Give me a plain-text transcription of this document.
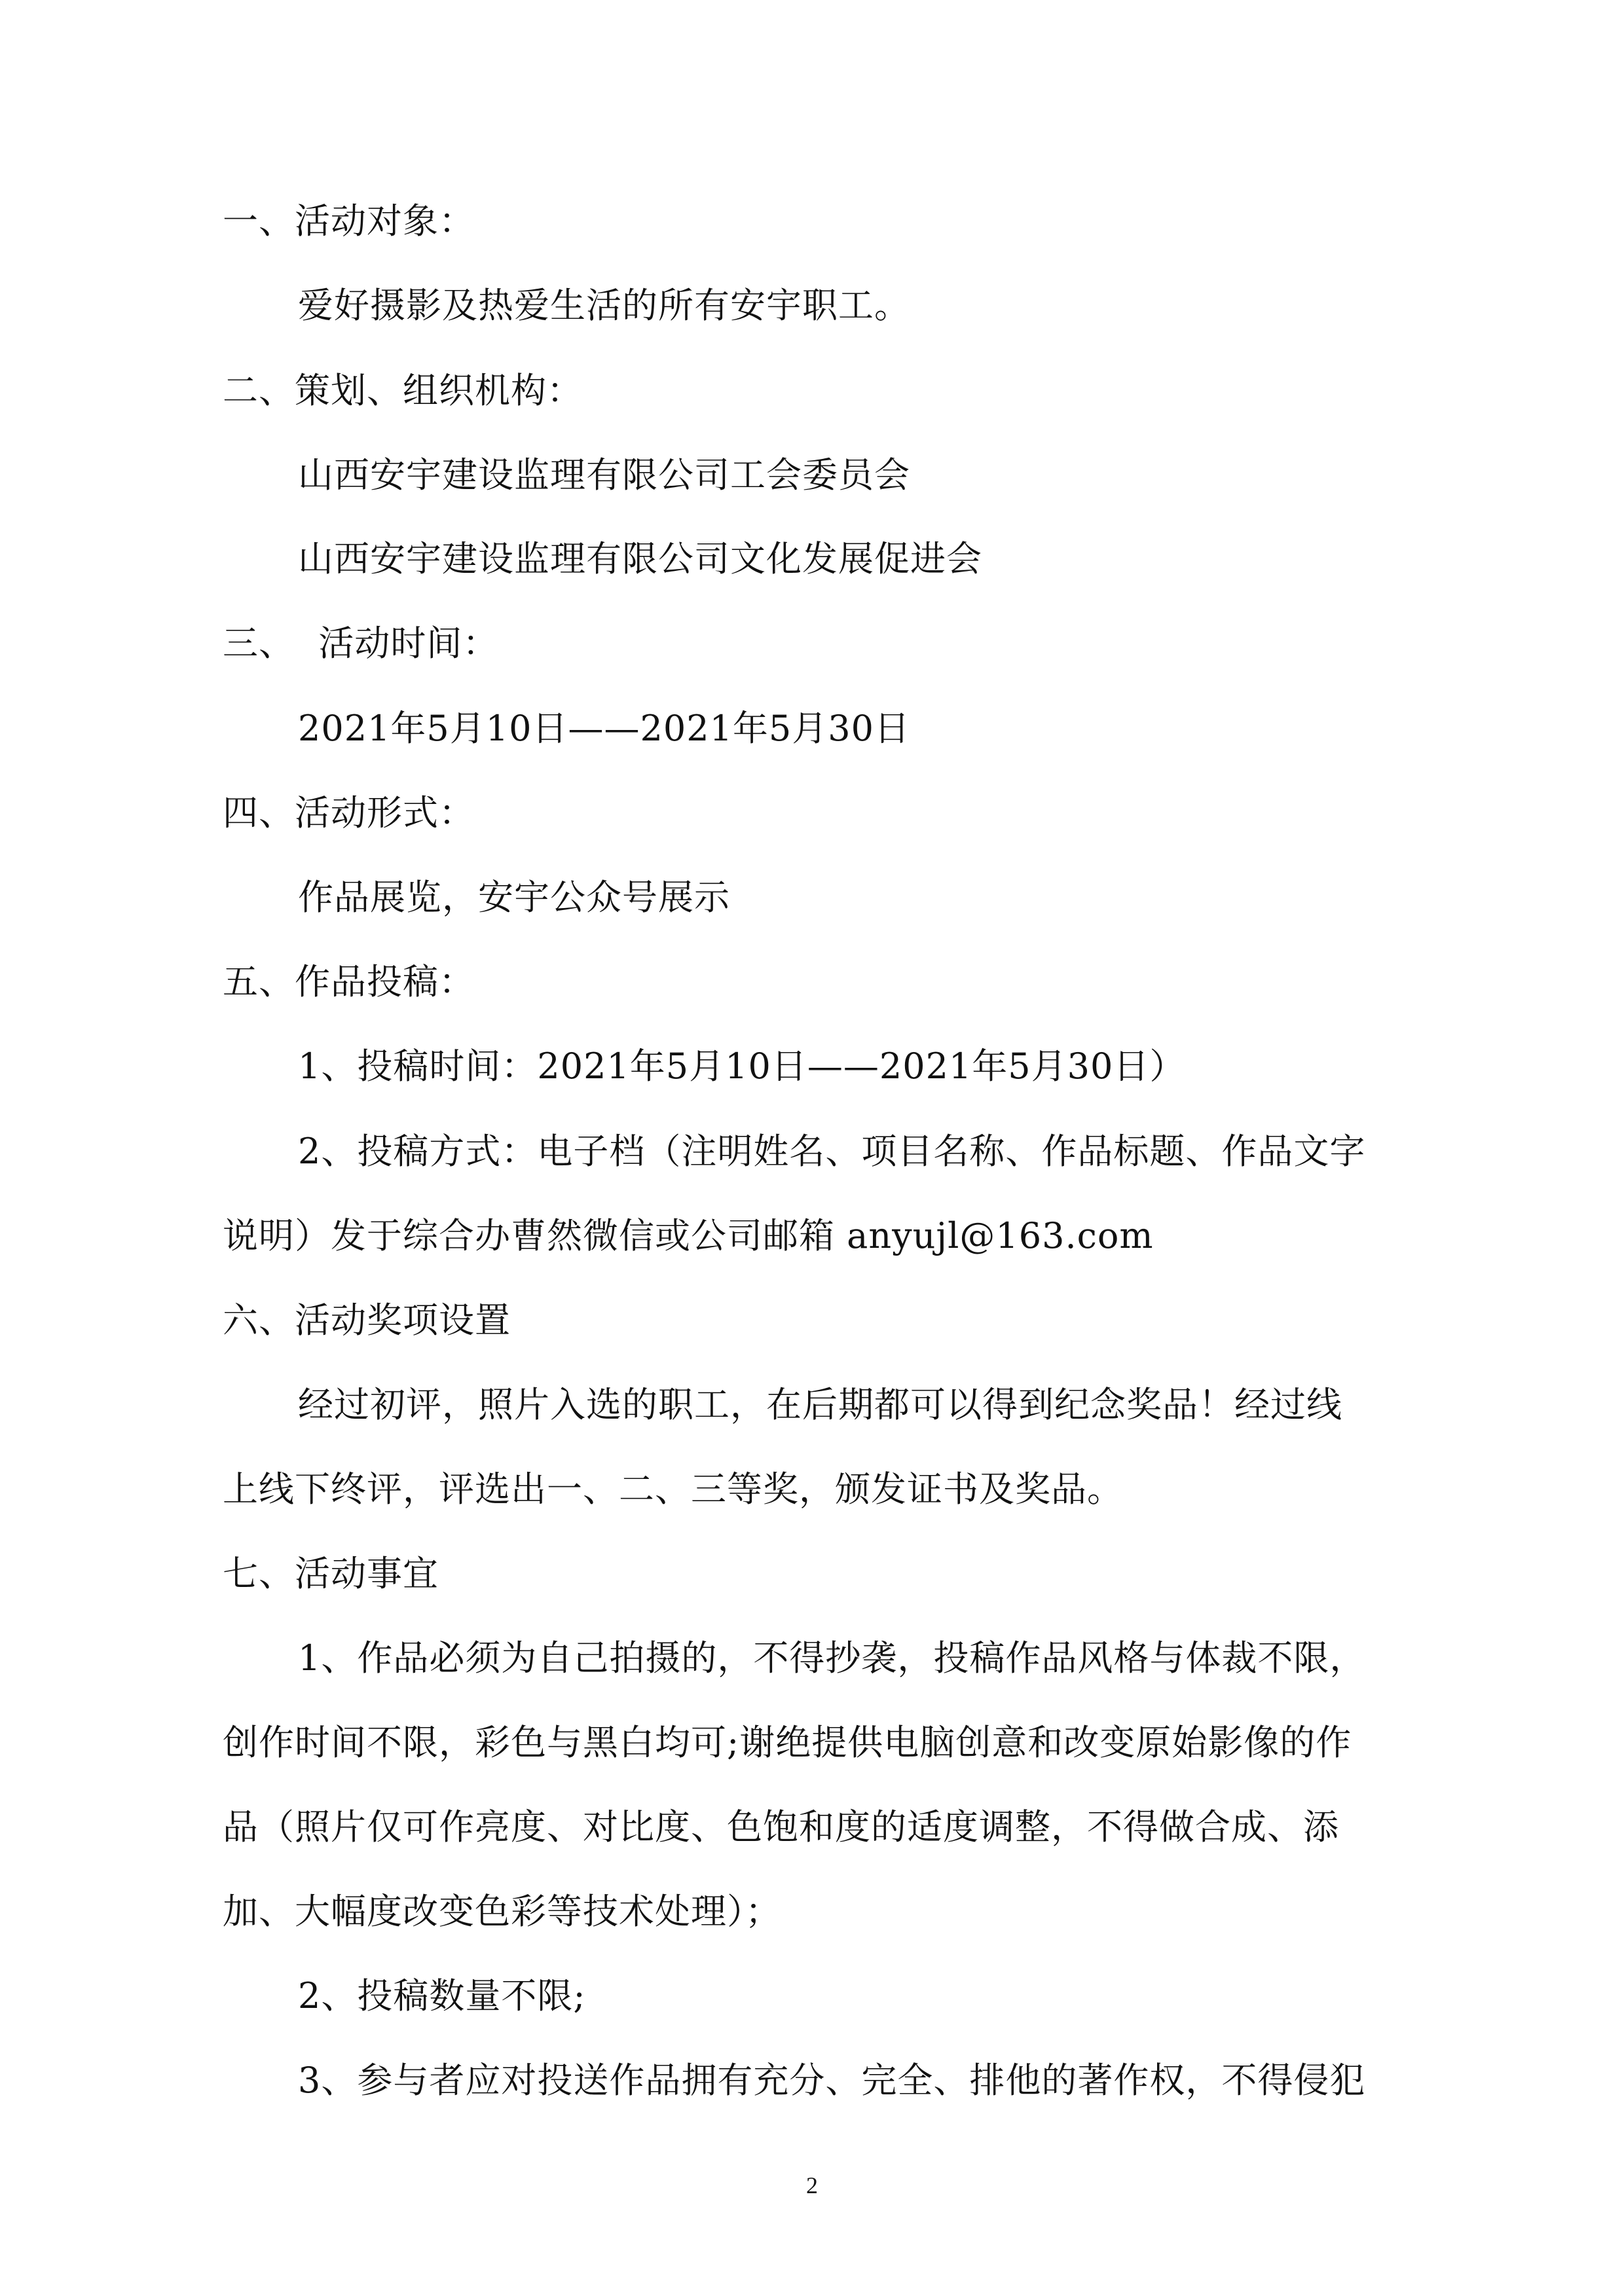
一、活动对象：
爱好摄影及热爱生活的所有安宇职工。
二、策划、组织机构：
山西安宇建设监理有限公司工会委员会
山西安宇建设监理有限公司文化发展促进会
三、  活动时间：
2021年5月10日——2021年5月30日
四、活动形式：
作品展览，安宇公众号展示
五、作品投稿：
1、投稿时间：2021年5月10日——2021年5月30日）
2、投稿方式：电子档（注明姓名、项目名称、作品标题、作品文字
说明）发于综合办曹然微信或公司邮箱 anyujl@163.com
六、活动奖项设置
经过初评，照片入选的职工，在后期都可以得到纪念奖品！经过线
上线下终评，评选出一、二、三等奖，颁发证书及奖品。
七、活动事宜
1、作品必须为自己拍摄的，不得抄袭，投稿作品风格与体裁不限，
创作时间不限，彩色与黑白均可;谢绝提供电脑创意和改变原始影像的作
品（照片仅可作亮度、对比度、色饱和度的适度调整，不得做合成、添
加、大幅度改变色彩等技术处理）；
2、投稿数量不限;
3、参与者应对投送作品拥有充分、完全、排他的著作权，不得侵犯
2
